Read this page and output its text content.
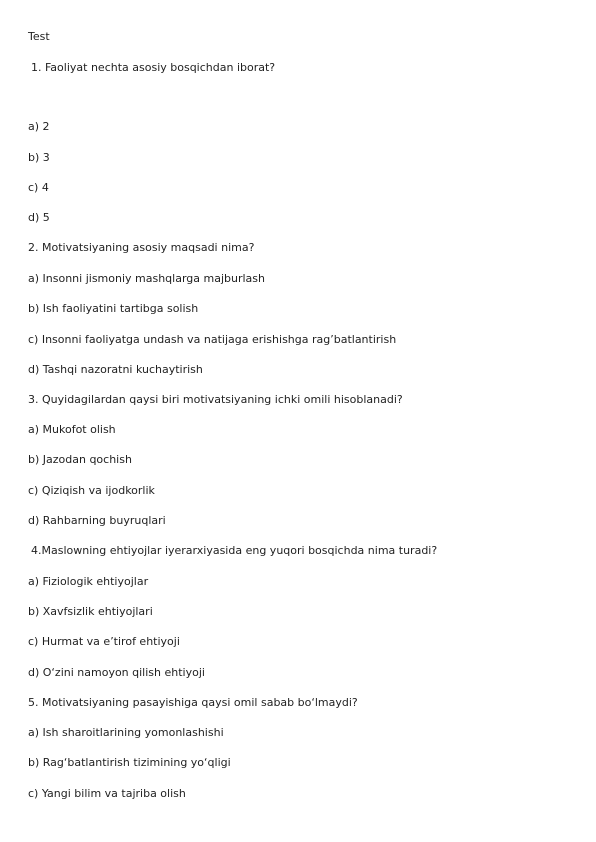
Test
1. Faoliyat nechta asosiy bosqichdan iborat?
a) 2
b) 3
c) 4
d) 5
2. Motivatsiyaning asosiy maqsadi nima?
a) Insonni jismoniy mashqlarga majburlash
b) Ish faoliyatini tartibga solish
c) Insonni faoliyatga undash va natijaga erishishga rag’batlantirish
d) Tashqi nazoratni kuchaytirish
3. Quyidagilardan qaysi biri motivatsiyaning ichki omili hisoblanadi?
a) Mukofot olish
b) Jazodan qochish
c) Qiziqish va ijodkorlik
d) Rahbarning buyruqlari
4.Maslowning ehtiyojlar iyerarxiyasida eng yuqori bosqichda nima turadi?
a) Fiziologik ehtiyojlar
b) Xavfsizlik ehtiyojlari
c) Hurmat va e’tirof ehtiyoji
d) O‘zini namoyon qilish ehtiyoji
5. Motivatsiyaning pasayishiga qaysi omil sabab bo‘lmaydi?
a) Ish sharoitlarining yomonlashishi
b) Rag‘batlantirish tizimining yo‘qligi
c) Yangi bilim va tajriba olish
